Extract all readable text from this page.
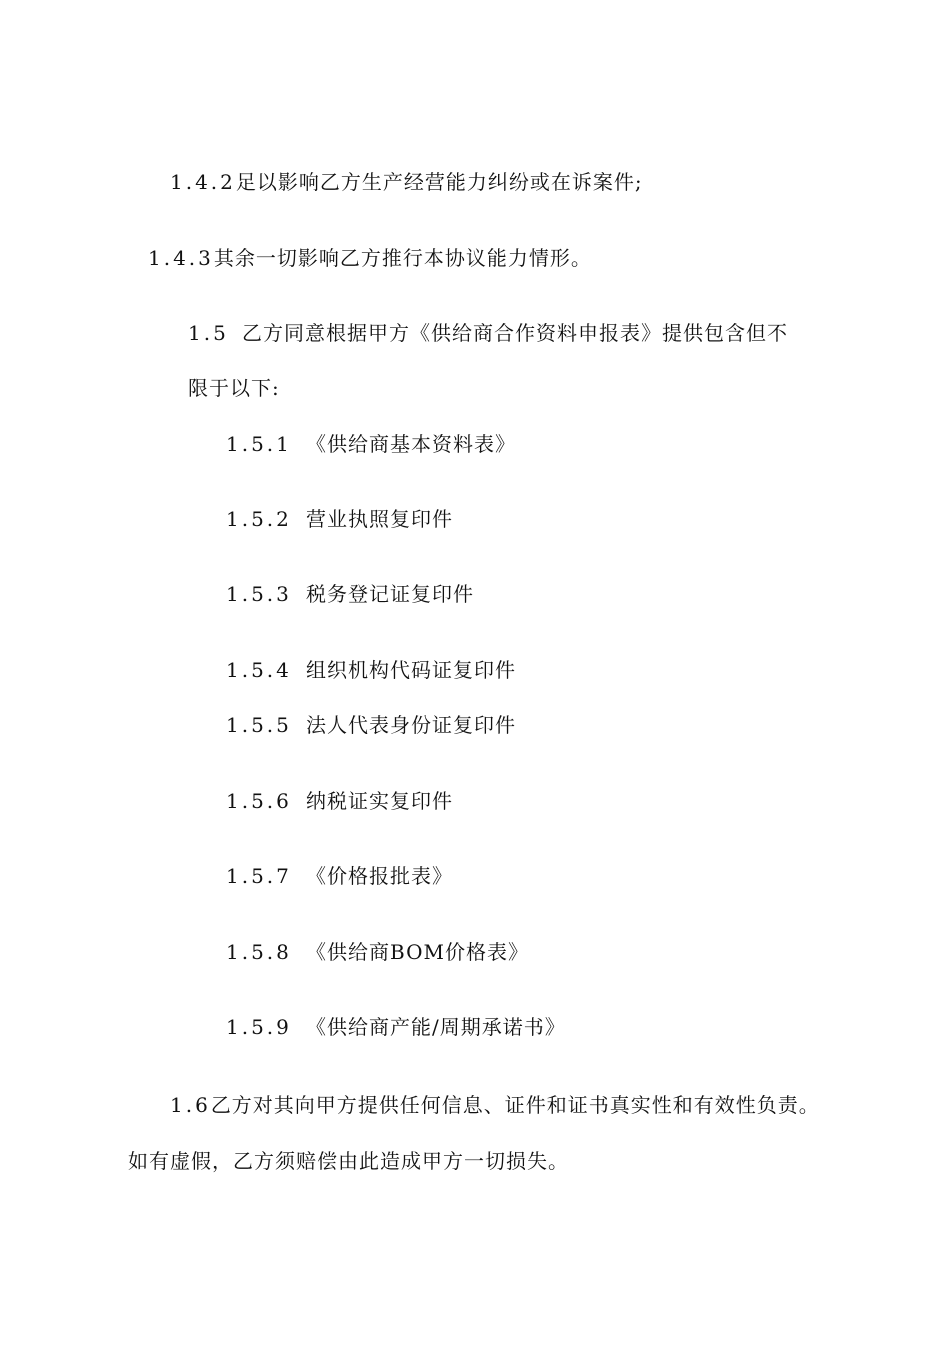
1.4.2足以影响乙方生产经营能力纠纷或在诉案件;
1.4.3其余一切影响乙方推行本协议能力情形。
1.5 乙方同意根据甲方《供给商合作资料申报表》提供包含但不
限于以下:
1.5.1 《供给商基本资料表》
1.5.2 营业执照复印件
1.5.3 税务登记证复印件
1.5.4 组织机构代码证复印件
1.5.5 法人代表身份证复印件
1.5.6 纳税证实复印件
1.5.7 《价格报批表》
1.5.8 《供给商BOM价格表》
1.5.9 《供给商产能/周期承诺书》
1.6乙方对其向甲方提供任何信息、证件和证书真实性和有效性负责。
如有虚假，乙方须赔偿由此造成甲方一切损失。
